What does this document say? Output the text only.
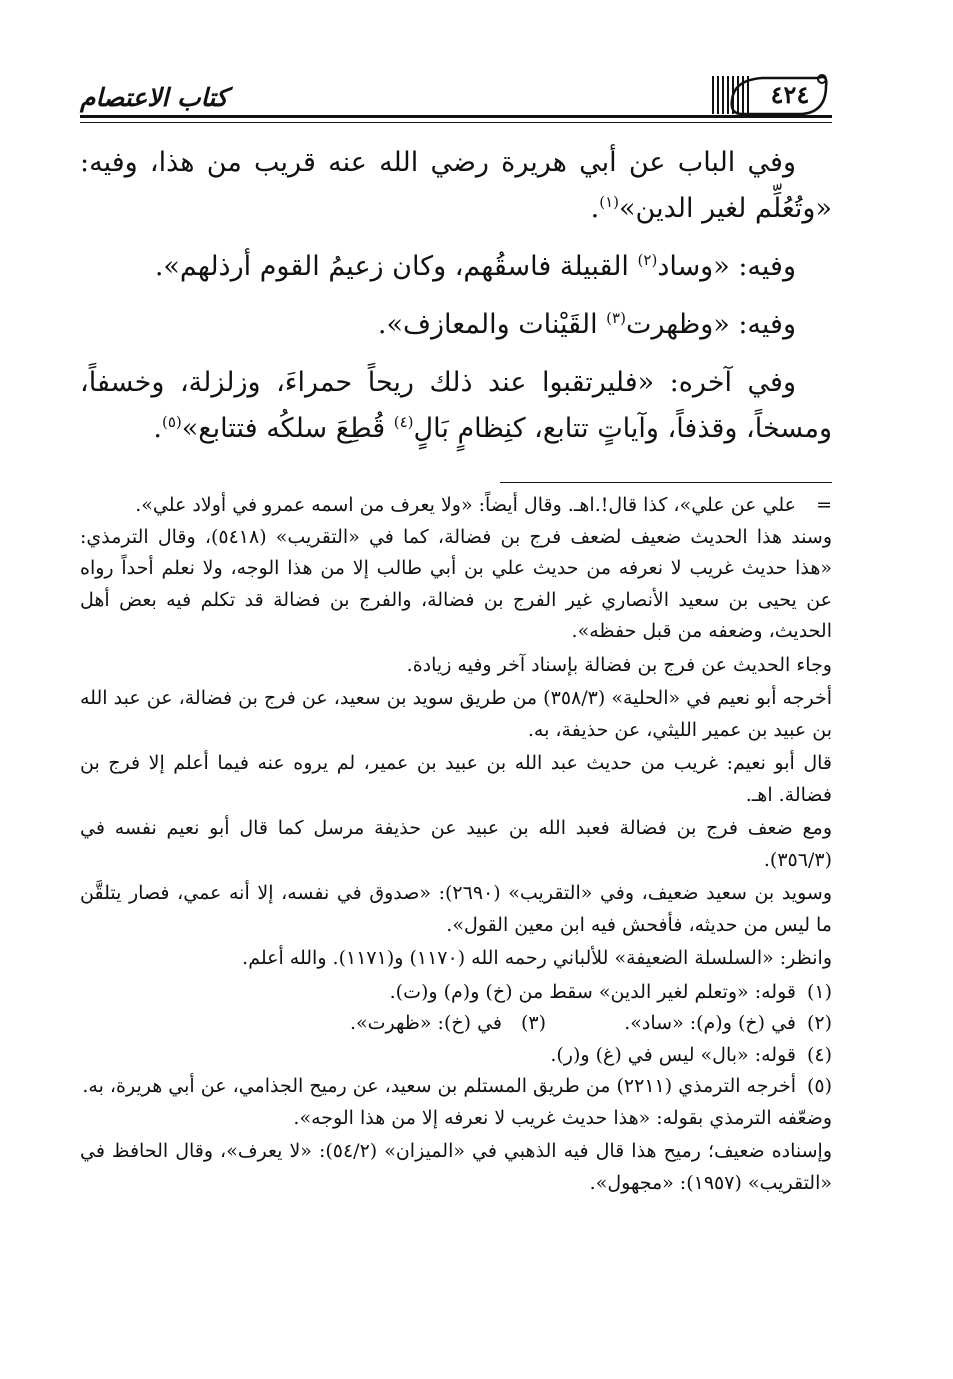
كتاب الاعتصام	٤٢٤

وفي الباب عن أبي هريرة رضي الله عنه قريب من هذا، وفيه: «وتُعُلِّم لغير الدين»$^{(١)}$.

وفيه: «وساد$^{(٢)}$ القبيلة فاسقُهم، وكان زعيمُ القوم أرذلهم».

وفيه: «وظهرت$^{(٣)}$ القَيْنات والمعازف».

وفي آخره: «فليرتقبوا عند ذلك ريحاً حمراءَ، وزلزلة، وخسفاً، ومسخاً، وقذفاً، وآياتٍ تتابع، كنِظامٍ بَالٍ$^{(٤)}$ قُطِعَ سلكُه فتتابع»$^{(٥)}$.

=
علي عن علي»، كذا قال!.اهـ. وقال أيضاً: «ولا يعرف من اسمه عمرو في أولاد علي».

وسند هذا الحديث ضعيف لضعف فرج بن فضالة، كما في «التقريب» (٥٤١٨)، وقال الترمذي: «هذا حديث غريب لا نعرفه من حديث علي بن أبي طالب إلا من هذا الوجه، ولا نعلم أحداً رواه عن يحيى بن سعيد الأنصاري غير الفرج بن فضالة، والفرج بن فضالة قد تكلم فيه بعض أهل الحديث، وضعفه من قبل حفظه».

وجاء الحديث عن فرج بن فضالة بإسناد آخر وفيه زيادة.

أخرجه أبو نعيم في «الحلية» (٣٥٨/٣) من طريق سويد بن سعيد، عن فرج بن فضالة، عن عبد الله بن عبيد بن عمير الليثي، عن حذيفة، به.

قال أبو نعيم: غريب من حديث عبد الله بن عبيد بن عمير، لم يروه عنه فيما أعلم إلا فرج بن فضالة. اهـ.

ومع ضعف فرج بن فضالة فعبد الله بن عبيد عن حذيفة مرسل كما قال أبو نعيم نفسه في (٣٥٦/٣).

وسويد بن سعيد ضعيف، وفي «التقريب» (٢٦٩٠): «صدوق في نفسه، إلا أنه عمي، فصار يتلقَّن ما ليس من حديثه، فأفحش فيه ابن معين القول».

وانظر: «السلسلة الضعيفة» للألباني رحمه الله (١١٧٠) و(١١٧١). والله أعلم.

(١)
قوله: «وتعلم لغير الدين» سقط من (خ) و(م) و(ت).
(٢)
في (خ) و(م): «ساد».
(٣)
في (خ): «ظهرت».
(٤)
قوله: «بال» ليس في (غ) و(ر).
(٥)
أخرجه الترمذي (٢٢١١) من طريق المستلم بن سعيد، عن رميح الجذامي، عن أبي هريرة، به.

وضعّفه الترمذي بقوله: «هذا حديث غريب لا نعرفه إلا من هذا الوجه».

وإسناده ضعيف؛ رميح هذا قال فيه الذهبي في «الميزان» (٥٤/٢): «لا يعرف»، وقال الحافظ في «التقريب» (١٩٥٧): «مجهول».
